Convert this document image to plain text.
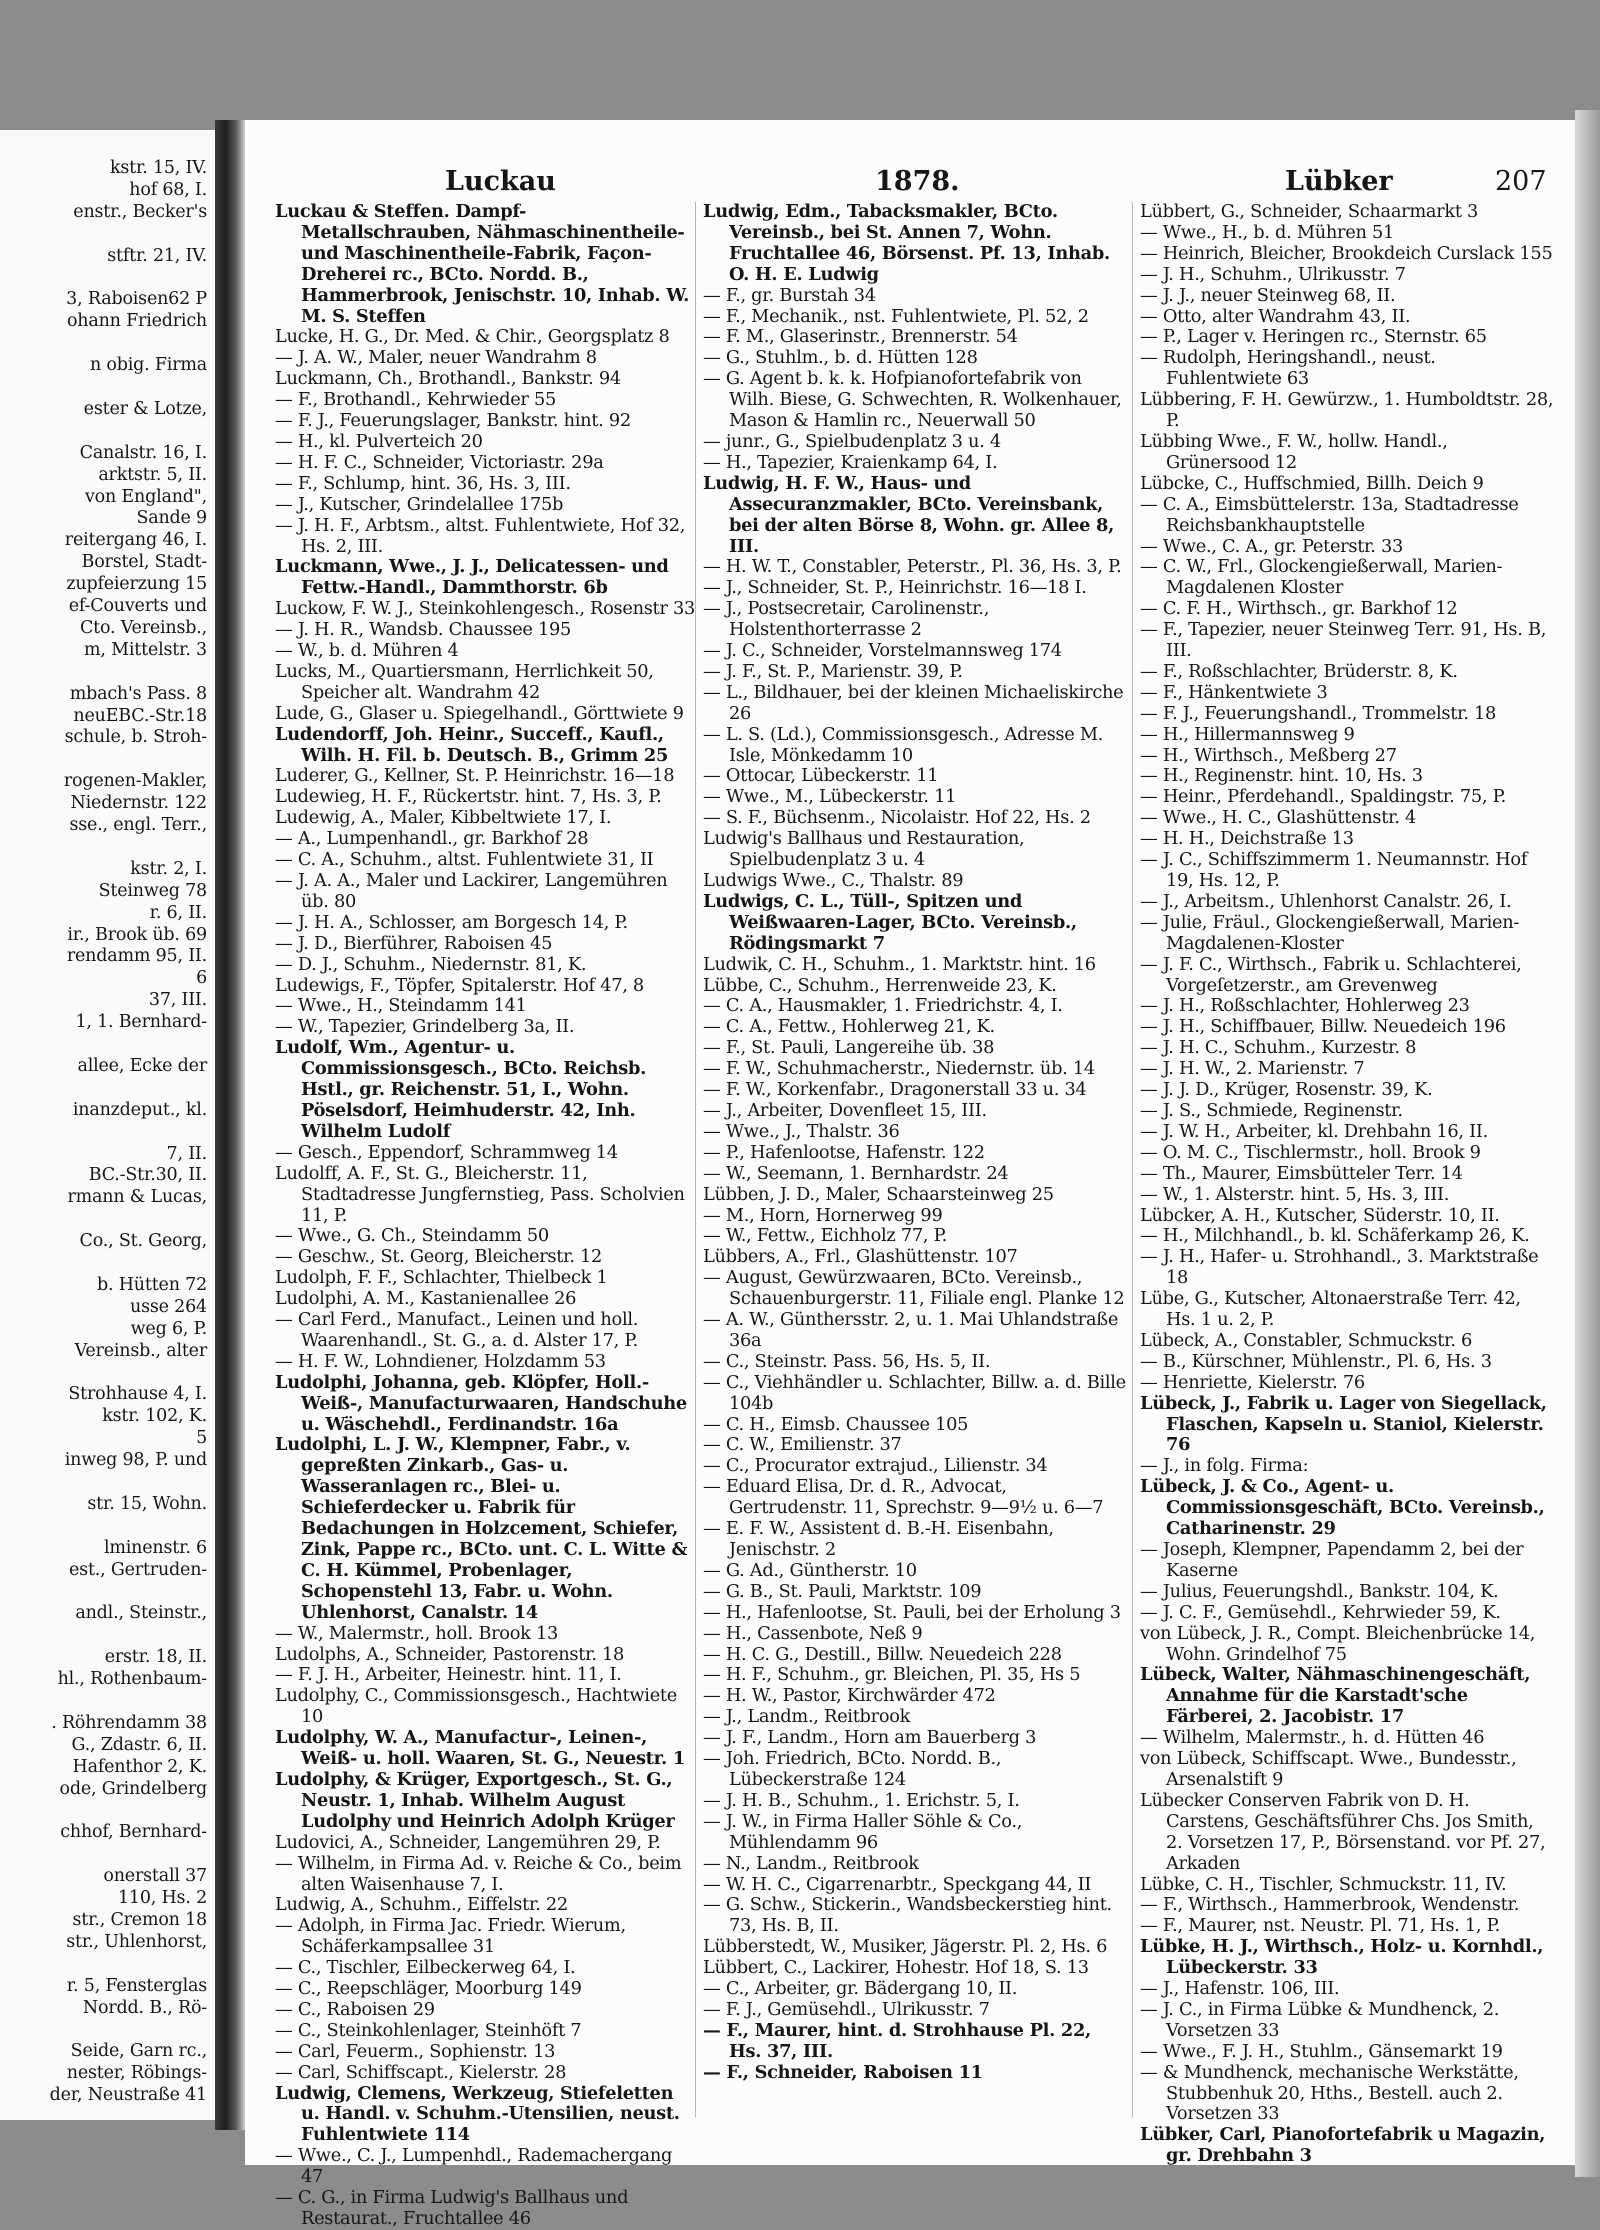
kstr. 15, IV.
hof 68, I.
enstr., Becker's
stftr. 21, IV.
3, Raboisen62 P
ohann Friedrich
n obig. Firma
ester & Lotze,
Canalstr. 16, I.
arktstr. 5, II.
von England",
Sande 9
reitergang 46, I.
Borstel, Stadt-
zupfeierzung 15
ef-Couverts und
Cto. Vereinsb.,
m, Mittelstr. 3
mbach's Pass. 8
neuEBC.-Str.18
schule, b. Stroh-
rogenen-Makler,
Niedernstr. 122
sse., engl. Terr.,
kstr. 2, I.
Steinweg 78
r. 6, II.
ir., Brook üb. 69
rendamm 95, II.
6
37, III.
1, 1. Bernhard-
allee, Ecke der
inanzdeput., kl.
7, II.
BC.-Str.30, II.
rmann & Lucas,
Co., St. Georg,
b. Hütten 72
usse 264
weg 6, P.
Vereinsb., alter
Strohhause 4, I.
kstr. 102, K.
5
inweg 98, P. und
str. 15, Wohn.
lminenstr. 6
est., Gertruden-
andl., Steinstr.,
erstr. 18, II.
hl., Rothenbaum-
. Röhrendamm 38
G., Zdastr. 6, II.
Hafenthor 2, K.
ode, Grindelberg
chhof, Bernhard-
onerstall 37
110, Hs. 2
str., Cremon 18
str., Uhlenhorst,
r. 5, Fensterglas
Nordd. B., Rö-
Seide, Garn rc.,
nester, Röbings-
der, Neustraße 41
Luckau	1878.	Lübker	207

Luckau & Steffen. Dampf-Metallschrauben, Nähmaschinentheile- und Maschinentheile-Fabrik, Façon-Dreherei rc., BCto. Nordd. B., Hammerbrook, Jenischstr. 10, Inhab. W. M. S. Steffen

Lucke, H. G., Dr. Med. & Chir., Georgsplatz 8

— J. A. W., Maler, neuer Wandrahm 8

Luckmann, Ch., Brothandl., Bankstr. 94

— F., Brothandl., Kehrwieder 55

— F. J., Feuerungslager, Bankstr. hint. 92

— H., kl. Pulverteich 20

— H. F. C., Schneider, Victoriastr. 29a

— F., Schlump, hint. 36, Hs. 3, III.

— J., Kutscher, Grindelallee 175b

— J. H. F., Arbtsm., altst. Fuhlentwiete, Hof 32, Hs. 2, III.

Luckmann, Wwe., J. J., Delicatessen- und Fettw.-Handl., Dammthorstr. 6b

Luckow, F. W. J., Steinkohlengesch., Rosenstr 33

— J. H. R., Wandsb. Chaussee 195

— W., b. d. Mühren 4

Lucks, M., Quartiersmann, Herrlichkeit 50, Speicher alt. Wandrahm 42

Lude, G., Glaser u. Spiegelhandl., Görttwiete 9

Ludendorff, Joh. Heinr., Succeff., Kaufl., Wilh. H. Fil. b. Deutsch. B., Grimm 25

Luderer, G., Kellner, St. P. Heinrichstr. 16—18

Ludewieg, H. F., Rückertstr. hint. 7, Hs. 3, P.

Ludewig, A., Maler, Kibbeltwiete 17, I.

— A., Lumpenhandl., gr. Barkhof 28

— C. A., Schuhm., altst. Fuhlentwiete 31, II

— J. A. A., Maler und Lackirer, Langemühren üb. 80

— J. H. A., Schlosser, am Borgesch 14, P.

— J. D., Bierführer, Raboisen 45

— D. J., Schuhm., Niedernstr. 81, K.

Ludewigs, F., Töpfer, Spitalerstr. Hof 47, 8

— Wwe., H., Steindamm 141

— W., Tapezier, Grindelberg 3a, II.

Ludolf, Wm., Agentur- u. Commissionsgesch., BCto. Reichsb. Hstl., gr. Reichenstr. 51, I., Wohn. Pöselsdorf, Heimhuderstr. 42, Inh. Wilhelm Ludolf

— Gesch., Eppendorf, Schrammweg 14

Ludolff, A. F., St. G., Bleicherstr. 11, Stadtadresse Jungfernstieg, Pass. Scholvien 11, P.

— Wwe., G. Ch., Steindamm 50

— Geschw., St. Georg, Bleicherstr. 12

Ludolph, F. F., Schlachter, Thielbeck 1

Ludolphi, A. M., Kastanienallee 26

— Carl Ferd., Manufact., Leinen und holl. Waarenhandl., St. G., a. d. Alster 17, P.

— H. F. W., Lohndiener, Holzdamm 53

Ludolphi, Johanna, geb. Klöpfer, Holl.- Weiß-, Manufacturwaaren, Handschuhe u. Wäschehdl., Ferdinandstr. 16a

Ludolphi, L. J. W., Klempner, Fabr., v. gepreßten Zinkarb., Gas- u. Wasseranlagen rc., Blei- u. Schieferdecker u. Fabrik für Bedachungen in Holzcement, Schiefer, Zink, Pappe rc., BCto. unt. C. L. Witte & C. H. Kümmel, Probenlager, Schopenstehl 13, Fabr. u. Wohn. Uhlenhorst, Canalstr. 14

— W., Malermstr., holl. Brook 13

Ludolphs, A., Schneider, Pastorenstr. 18

— F. J. H., Arbeiter, Heinestr. hint. 11, I.

Ludolphy, C., Commissionsgesch., Hachtwiete 10

Ludolphy, W. A., Manufactur-, Leinen-, Weiß- u. holl. Waaren, St. G., Neuestr. 1

Ludolphy, & Krüger, Exportgesch., St. G., Neustr. 1, Inhab. Wilhelm August Ludolphy und Heinrich Adolph Krüger

Ludovici, A., Schneider, Langemühren 29, P.

— Wilhelm, in Firma Ad. v. Reiche & Co., beim alten Waisenhause 7, I.

Ludwig, A., Schuhm., Eiffelstr. 22

— Adolph, in Firma Jac. Friedr. Wierum, Schäferkampsallee 31

— C., Tischler, Eilbeckerweg 64, I.

— C., Reepschläger, Moorburg 149

— C., Raboisen 29

— C., Steinkohlenlager, Steinhöft 7

— Carl, Feuerm., Sophienstr. 13

— Carl, Schiffscapt., Kielerstr. 28

Ludwig, Clemens, Werkzeug, Stiefeletten u. Handl. v. Schuhm.-Utensilien, neust. Fuhlentwiete 114

— Wwe., C. J., Lumpenhdl., Rademachergang 47

— C. G., in Firma Ludwig's Ballhaus und Restaurat., Fruchtallee 46

Ludwig, Edm., Tabacksmakler, BCto. Vereinsb., bei St. Annen 7, Wohn. Fruchtallee 46, Börsenst. Pf. 13, Inhab. O. H. E. Ludwig

— F., gr. Burstah 34

— F., Mechanik., nst. Fuhlentwiete, Pl. 52, 2

— F. M., Glaserinstr., Brennerstr. 54

— G., Stuhlm., b. d. Hütten 128

— G. Agent b. k. k. Hofpianofortefabrik von Wilh. Biese, G. Schwechten, R. Wolkenhauer, Mason & Hamlin rc., Neuerwall 50

— junr., G., Spielbudenplatz 3 u. 4

— H., Tapezier, Kraienkamp 64, I.

Ludwig, H. F. W., Haus- und Assecuranzmakler, BCto. Vereinsbank, bei der alten Börse 8, Wohn. gr. Allee 8, III.

— H. W. T., Constabler, Peterstr., Pl. 36, Hs. 3, P.

— J., Schneider, St. P., Heinrichstr. 16—18 I.

— J., Postsecretair, Carolinenstr., Holstenthorterrasse 2

— J. C., Schneider, Vorstelmannsweg 174

— J. F., St. P., Marienstr. 39, P.

— L., Bildhauer, bei der kleinen Michaeliskirche 26

— L. S. (Ld.), Commissionsgesch., Adresse M. Isle, Mönkedamm 10

— Ottocar, Lübeckerstr. 11

— Wwe., M., Lübeckerstr. 11

— S. F., Büchsenm., Nicolaistr. Hof 22, Hs. 2

Ludwig's Ballhaus und Restauration, Spielbudenplatz 3 u. 4

Ludwigs Wwe., C., Thalstr. 89

Ludwigs, C. L., Tüll-, Spitzen und Weißwaaren-Lager, BCto. Vereinsb., Rödingsmarkt 7

Ludwik, C. H., Schuhm., 1. Marktstr. hint. 16

Lübbe, C., Schuhm., Herrenweide 23, K.

— C. A., Hausmakler, 1. Friedrichstr. 4, I.

— C. A., Fettw., Hohlerweg 21, K.

— F., St. Pauli, Langereihe üb. 38

— F. W., Schuhmacherstr., Niedernstr. üb. 14

— F. W., Korkenfabr., Dragonerstall 33 u. 34

— J., Arbeiter, Dovenfleet 15, III.

— Wwe., J., Thalstr. 36

— P., Hafenlootse, Hafenstr. 122

— W., Seemann, 1. Bernhardstr. 24

Lübben, J. D., Maler, Schaarsteinweg 25

— M., Horn, Hornerweg 99

— W., Fettw., Eichholz 77, P.

Lübbers, A., Frl., Glashüttenstr. 107

— August, Gewürzwaaren, BCto. Vereinsb., Schauenburgerstr. 11, Filiale engl. Planke 12

— A. W., Günthersstr. 2, u. 1. Mai Uhlandstraße 36a

— C., Steinstr. Pass. 56, Hs. 5, II.

— C., Viehhändler u. Schlachter, Billw. a. d. Bille 104b

— C. H., Eimsb. Chaussee 105

— C. W., Emilienstr. 37

— C., Procurator extrajud., Lilienstr. 34

— Eduard Elisa, Dr. d. R., Advocat, Gertrudenstr. 11, Sprechstr. 9—9½ u. 6—7

— E. F. W., Assistent d. B.-H. Eisenbahn, Jenischstr. 2

— G. Ad., Güntherstr. 10

— G. B., St. Pauli, Marktstr. 109

— H., Hafenlootse, St. Pauli, bei der Erholung 3

— H., Cassenbote, Neß 9

— H. C. G., Destill., Billw. Neuedeich 228

— H. F., Schuhm., gr. Bleichen, Pl. 35, Hs 5

— H. W., Pastor, Kirchwärder 472

— J., Landm., Reitbrook

— J. F., Landm., Horn am Bauerberg 3

— Joh. Friedrich, BCto. Nordd. B., Lübeckerstraße 124

— J. H. B., Schuhm., 1. Erichstr. 5, I.

— J. W., in Firma Haller Söhle & Co., Mühlendamm 96

— N., Landm., Reitbrook

— W. H. C., Cigarrenarbtr., Speckgang 44, II

— G. Schw., Stickerin., Wandsbeckerstieg hint. 73, Hs. B, II.

Lübberstedt, W., Musiker, Jägerstr. Pl. 2, Hs. 6

Lübbert, C., Lackirer, Hohestr. Hof 18, S. 13

— C., Arbeiter, gr. Bädergang 10, II.

— F. J., Gemüsehdl., Ulrikusstr. 7

— F., Maurer, hint. d. Strohhause Pl. 22, Hs. 37, III.

— F., Schneider, Raboisen 11

Lübbert, G., Schneider, Schaarmarkt 3

— Wwe., H., b. d. Mühren 51

— Heinrich, Bleicher, Brookdeich Curslack 155

— J. H., Schuhm., Ulrikusstr. 7

— J. J., neuer Steinweg 68, II.

— Otto, alter Wandrahm 43, II.

— P., Lager v. Heringen rc., Sternstr. 65

— Rudolph, Heringshandl., neust. Fuhlentwiete 63

Lübbering, F. H. Gewürzw., 1. Humboldtstr. 28, P.

Lübbing Wwe., F. W., hollw. Handl., Grünersood 12

Lübcke, C., Huffschmied, Billh. Deich 9

— C. A., Eimsbüttelerstr. 13a, Stadtadresse Reichsbankhauptstelle

— Wwe., C. A., gr. Peterstr. 33

— C. W., Frl., Glockengießerwall, Marien-Magdalenen Kloster

— C. F. H., Wirthsch., gr. Barkhof 12

— F., Tapezier, neuer Steinweg Terr. 91, Hs. B, III.

— F., Roßschlachter, Brüderstr. 8, K.

— F., Hänkentwiete 3

— F. J., Feuerungshandl., Trommelstr. 18

— H., Hillermannsweg 9

— H., Wirthsch., Meßberg 27

— H., Reginenstr. hint. 10, Hs. 3

— Heinr., Pferdehandl., Spaldingstr. 75, P.

— Wwe., H. C., Glashüttenstr. 4

— H. H., Deichstraße 13

— J. C., Schiffszimmerm 1. Neumannstr. Hof 19, Hs. 12, P.

— J., Arbeitsm., Uhlenhorst Canalstr. 26, I.

— Julie, Fräul., Glockengießerwall, Marien-Magdalenen-Kloster

— J. F. C., Wirthsch., Fabrik u. Schlachterei, Vorgeſetzerstr., am Grevenweg

— J. H., Roßschlachter, Hohlerweg 23

— J. H., Schiffbauer, Billw. Neuedeich 196

— J. H. C., Schuhm., Kurzestr. 8

— J. H. W., 2. Marienstr. 7

— J. J. D., Krüger, Rosenstr. 39, K.

— J. S., Schmiede, Reginenstr.

— J. W. H., Arbeiter, kl. Drehbahn 16, II.

— O. M. C., Tischlermstr., holl. Brook 9

— Th., Maurer, Eimsbütteler Terr. 14

— W., 1. Alsterstr. hint. 5, Hs. 3, III.

Lübcker, A. H., Kutscher, Süderstr. 10, II.

— H., Milchhandl., b. kl. Schäferkamp 26, K.

— J. H., Hafer- u. Strohhandl., 3. Marktstraße 18

Lübe, G., Kutscher, Altonaerstraße Terr. 42, Hs. 1 u. 2, P.

Lübeck, A., Constabler, Schmuckstr. 6

— B., Kürschner, Mühlenstr., Pl. 6, Hs. 3

— Henriette, Kielerstr. 76

Lübeck, J., Fabrik u. Lager von Siegellack, Flaschen, Kapseln u. Staniol, Kielerstr. 76

— J., in folg. Firma:

Lübeck, J. & Co., Agent- u. Commissionsgeschäft, BCto. Vereinsb., Catharinenstr. 29

— Joseph, Klempner, Papendamm 2, bei der Kaserne

— Julius, Feuerungshdl., Bankstr. 104, K.

— J. C. F., Gemüsehdl., Kehrwieder 59, K.

von Lübeck, J. R., Compt. Bleichenbrücke 14, Wohn. Grindelhof 75

Lübeck, Walter, Nähmaschinengeschäft, Annahme für die Karstadt'sche Färberei, 2. Jacobistr. 17

— Wilhelm, Malermstr., h. d. Hütten 46

von Lübeck, Schiffscapt. Wwe., Bundesstr., Arsenalstift 9

Lübecker Conserven Fabrik von D. H. Carstens, Geschäftsführer Chs. Jos Smith, 2. Vorsetzen 17, P., Börsenstand. vor Pf. 27, Arkaden

Lübke, C. H., Tischler, Schmuckstr. 11, IV.

— F., Wirthsch., Hammerbrook, Wendenstr.

— F., Maurer, nst. Neustr. Pl. 71, Hs. 1, P.

Lübke, H. J., Wirthsch., Holz- u. Kornhdl., Lübeckerstr. 33

— J., Hafenstr. 106, III.

— J. C., in Firma Lübke & Mundhenck, 2. Vorsetzen 33

— Wwe., F. J. H., Stuhlm., Gänsemarkt 19

— & Mundhenck, mechanische Werkstätte, Stubbenhuk 20, Hths., Bestell. auch 2. Vorsetzen 33

Lübker, Carl, Pianofortefabrik u Magazin, gr. Drehbahn 3
